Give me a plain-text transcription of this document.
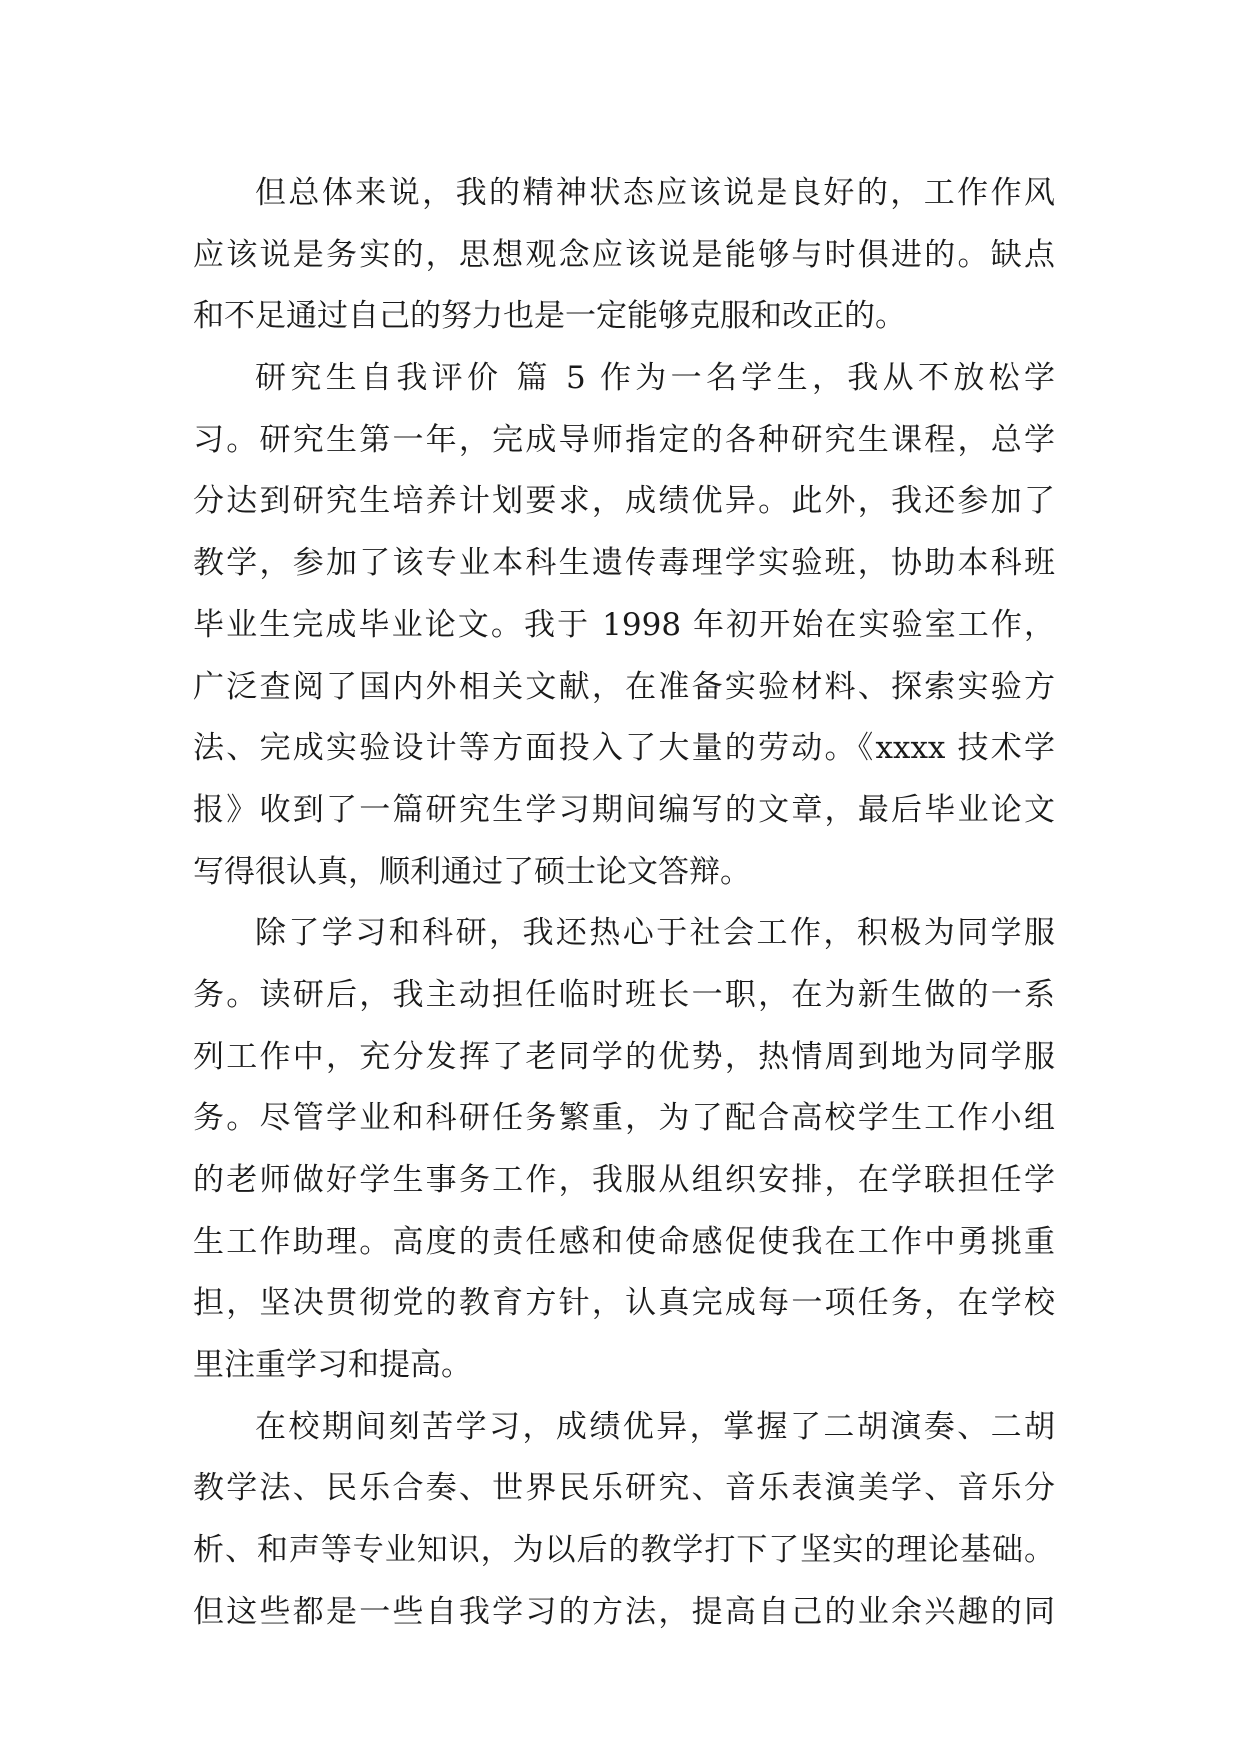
但总体来说，我的精神状态应该说是良好的，工作作风
应该说是务实的，思想观念应该说是能够与时俱进的。缺点
和不足通过自己的努力也是一定能够克服和改正的。
研究生自我评价 篇 5 作为一名学生，我从不放松学
习。研究生第一年，完成导师指定的各种研究生课程，总学
分达到研究生培养计划要求，成绩优异。此外，我还参加了
教学，参加了该专业本科生遗传毒理学实验班，协助本科班
毕业生完成毕业论文。我于 1998 年初开始在实验室工作，
广泛查阅了国内外相关文献，在准备实验材料、探索实验方
法、完成实验设计等方面投入了大量的劳动。《xxxx 技术学
报》收到了一篇研究生学习期间编写的文章，最后毕业论文
写得很认真，顺利通过了硕士论文答辩。
除了学习和科研，我还热心于社会工作，积极为同学服
务。读研后，我主动担任临时班长一职，在为新生做的一系
列工作中，充分发挥了老同学的优势，热情周到地为同学服
务。尽管学业和科研任务繁重，为了配合高校学生工作小组
的老师做好学生事务工作，我服从组织安排，在学联担任学
生工作助理。高度的责任感和使命感促使我在工作中勇挑重
担，坚决贯彻党的教育方针，认真完成每一项任务，在学校
里注重学习和提高。
在校期间刻苦学习，成绩优异，掌握了二胡演奏、二胡
教学法、民乐合奏、世界民乐研究、音乐表演美学、音乐分
析、和声等专业知识，为以后的教学打下了坚实的理论基础。
但这些都是一些自我学习的方法，提高自己的业余兴趣的同
